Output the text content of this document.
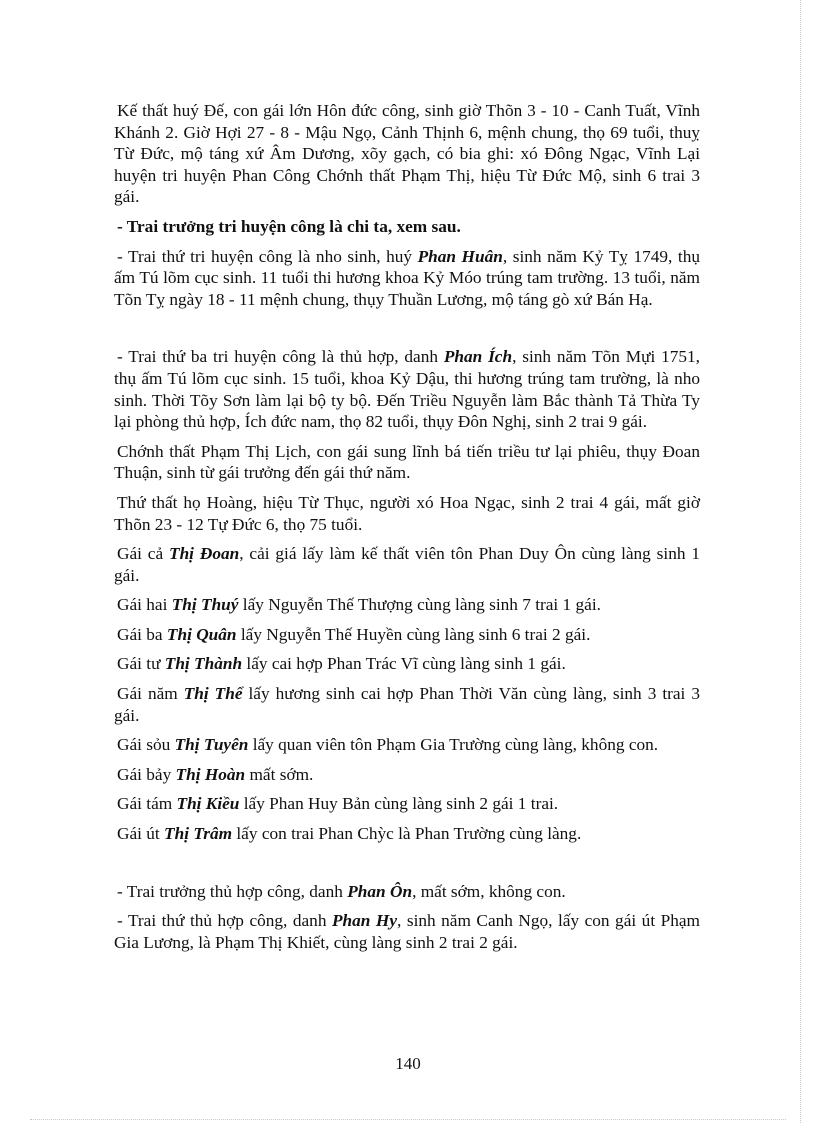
Kế thất huý Đế, con gái lớn Hôn đức công, sinh giờ Thõn 3 - 10 - Canh Tuất, Vĩnh Khánh 2. Giờ Hợi 27 - 8 - Mậu Ngọ, Cảnh Thịnh 6, mệnh chung, thọ 69 tuổi, thuỵ Từ Đức, mộ táng xứ Âm Dương, xõy gạch, có bia ghi: xó Đông Ngạc, Vĩnh Lại huyện tri huyện Phan Công Chớnh thất Phạm Thị, hiệu Từ Đức Mộ, sinh 6 trai 3 gái.

- Trai trưởng tri huyện công là chi ta, xem sau.

- Trai thứ tri huyện công là nho sinh, huý Phan Huân, sinh năm Kỷ Tỵ 1749, thụ ấm Tú lõm cục sinh. 11 tuổi thi hương khoa Kỷ Móo trúng tam trường. 13 tuổi, năm Tõn Tỵ ngày 18 - 11 mệnh chung, thụy Thuần Lương, mộ táng gò xứ Bán Hạ.

- Trai thứ ba tri huyện công là thủ hợp, danh Phan Ích, sinh năm Tõn Mựi 1751, thụ ấm Tú lõm cục sinh. 15 tuổi, khoa Kỷ Dậu, thi hương trúng tam trường, là nho sinh. Thời Tõy Sơn làm lại bộ ty bộ. Đến Triều Nguyễn làm Bắc thành Tả Thừa Ty lại phòng thủ hợp, Ích đức nam, thọ 82 tuổi, thụy Đôn Nghị, sinh 2 trai 9 gái.

Chớnh thất Phạm Thị Lịch, con gái sung lĩnh bá tiến triều tư lại phiêu, thụy Đoan Thuận, sinh từ gái trưởng đến gái thứ năm.

Thứ thất họ Hoàng, hiệu Từ Thục, người xó Hoa Ngạc, sinh 2 trai 4 gái, mất giờ Thõn 23 - 12 Tự Đức 6, thọ 75 tuổi.

Gái cả Thị Đoan, cải giá lấy làm kế thất viên tôn Phan Duy Ôn cùng làng sinh 1 gái.

Gái hai Thị Thuý lấy Nguyễn Thế Thượng cùng làng sinh 7 trai 1 gái.

Gái ba Thị Quân lấy Nguyễn Thế Huyền cùng làng sinh 6 trai 2 gái.

Gái tư Thị Thành lấy cai hợp Phan Trác Vĩ cùng làng sinh 1 gái.

Gái năm Thị Thể lấy hương sinh cai hợp Phan Thời Văn cùng làng, sinh 3 trai 3 gái.

Gái sỏu Thị Tuyên lấy quan viên tôn Phạm Gia Trường cùng làng, không con.

Gái bảy Thị Hoàn mất sớm.

Gái tám Thị Kiều lấy Phan Huy Bản cùng làng sinh 2 gái 1 trai.

Gái út Thị Trâm lấy con trai Phan Chỳc là Phan Trường cùng làng.

- Trai trưởng thủ hợp công, danh Phan Ôn, mất sớm, không con.

- Trai thứ thủ hợp công, danh Phan Hy, sinh năm Canh Ngọ, lấy con gái út Phạm Gia Lương, là Phạm Thị Khiết, cùng làng sinh 2 trai 2 gái.

140
